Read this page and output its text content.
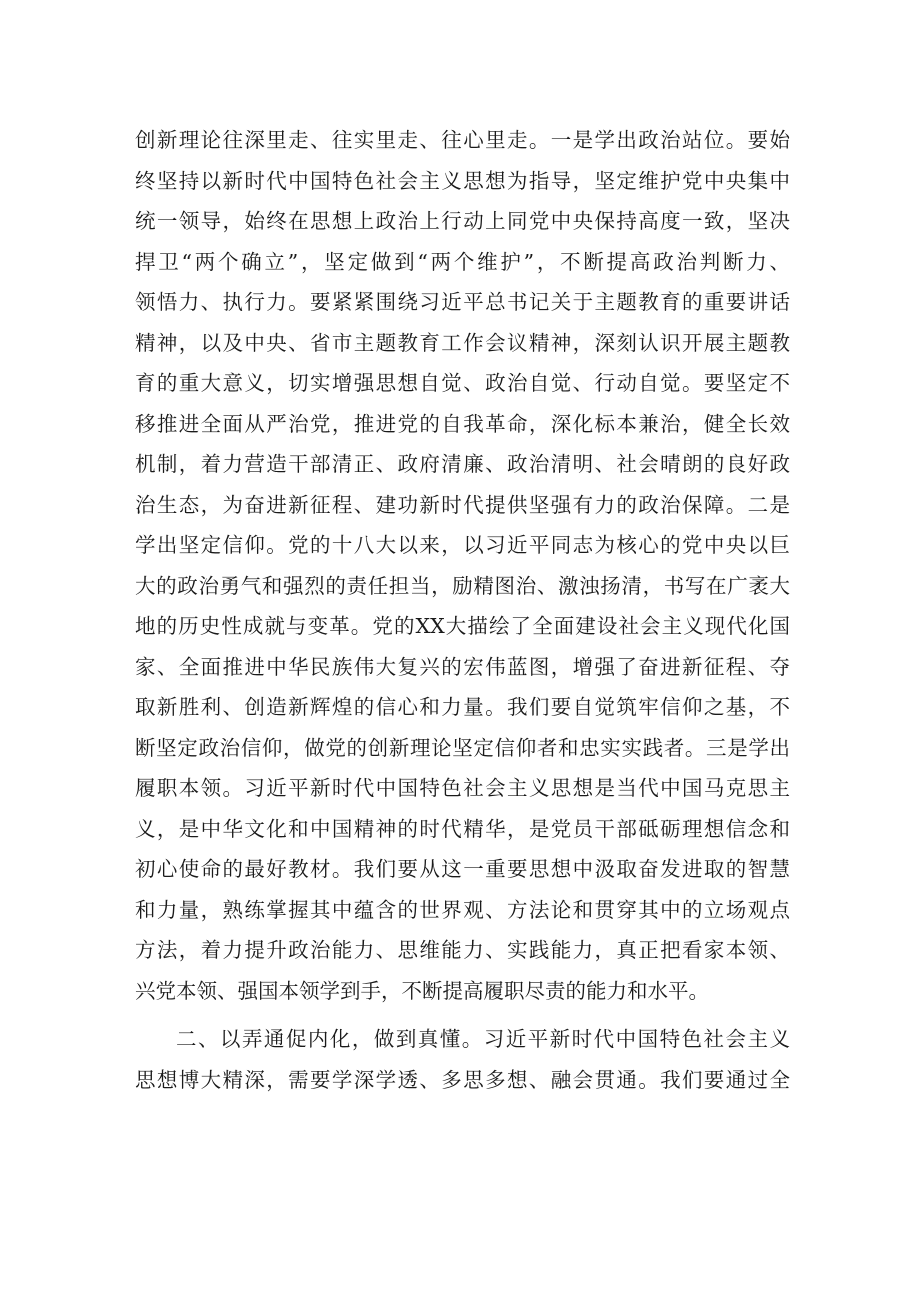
创新理论往深里走、往实里走、往心里走。一是学出政治站位。要始
终坚持以新时代中国特色社会主义思想为指导，坚定维护党中央集中
统一领导，始终在思想上政治上行动上同党中央保持高度一致，坚决
捍卫“两个确立”，坚定做到“两个维护”，不断提高政治判断力、
领悟力、执行力。要紧紧围绕习近平总书记关于主题教育的重要讲话
精神，以及中央、省市主题教育工作会议精神，深刻认识开展主题教
育的重大意义，切实增强思想自觉、政治自觉、行动自觉。要坚定不
移推进全面从严治党，推进党的自我革命，深化标本兼治，健全长效
机制，着力营造干部清正、政府清廉、政治清明、社会晴朗的良好政
治生态，为奋进新征程、建功新时代提供坚强有力的政治保障。二是
学出坚定信仰。党的十八大以来，以习近平同志为核心的党中央以巨
大的政治勇气和强烈的责任担当，励精图治、激浊扬清，书写在广袤大
地的历史性成就与变革。党的XX大描绘了全面建设社会主义现代化国
家、全面推进中华民族伟大复兴的宏伟蓝图，增强了奋进新征程、夺
取新胜利、创造新辉煌的信心和力量。我们要自觉筑牢信仰之基，不
断坚定政治信仰，做党的创新理论坚定信仰者和忠实实践者。三是学出
履职本领。习近平新时代中国特色社会主义思想是当代中国马克思主
义，是中华文化和中国精神的时代精华，是党员干部砥砺理想信念和
初心使命的最好教材。我们要从这一重要思想中汲取奋发进取的智慧
和力量，熟练掌握其中蕴含的世界观、方法论和贯穿其中的立场观点
方法，着力提升政治能力、思维能力、实践能力，真正把看家本领、
兴党本领、强国本领学到手，不断提高履职尽责的能力和水平。
二、以弄通促内化，做到真懂。习近平新时代中国特色社会主义
思想博大精深，需要学深学透、多思多想、融会贯通。我们要通过全
